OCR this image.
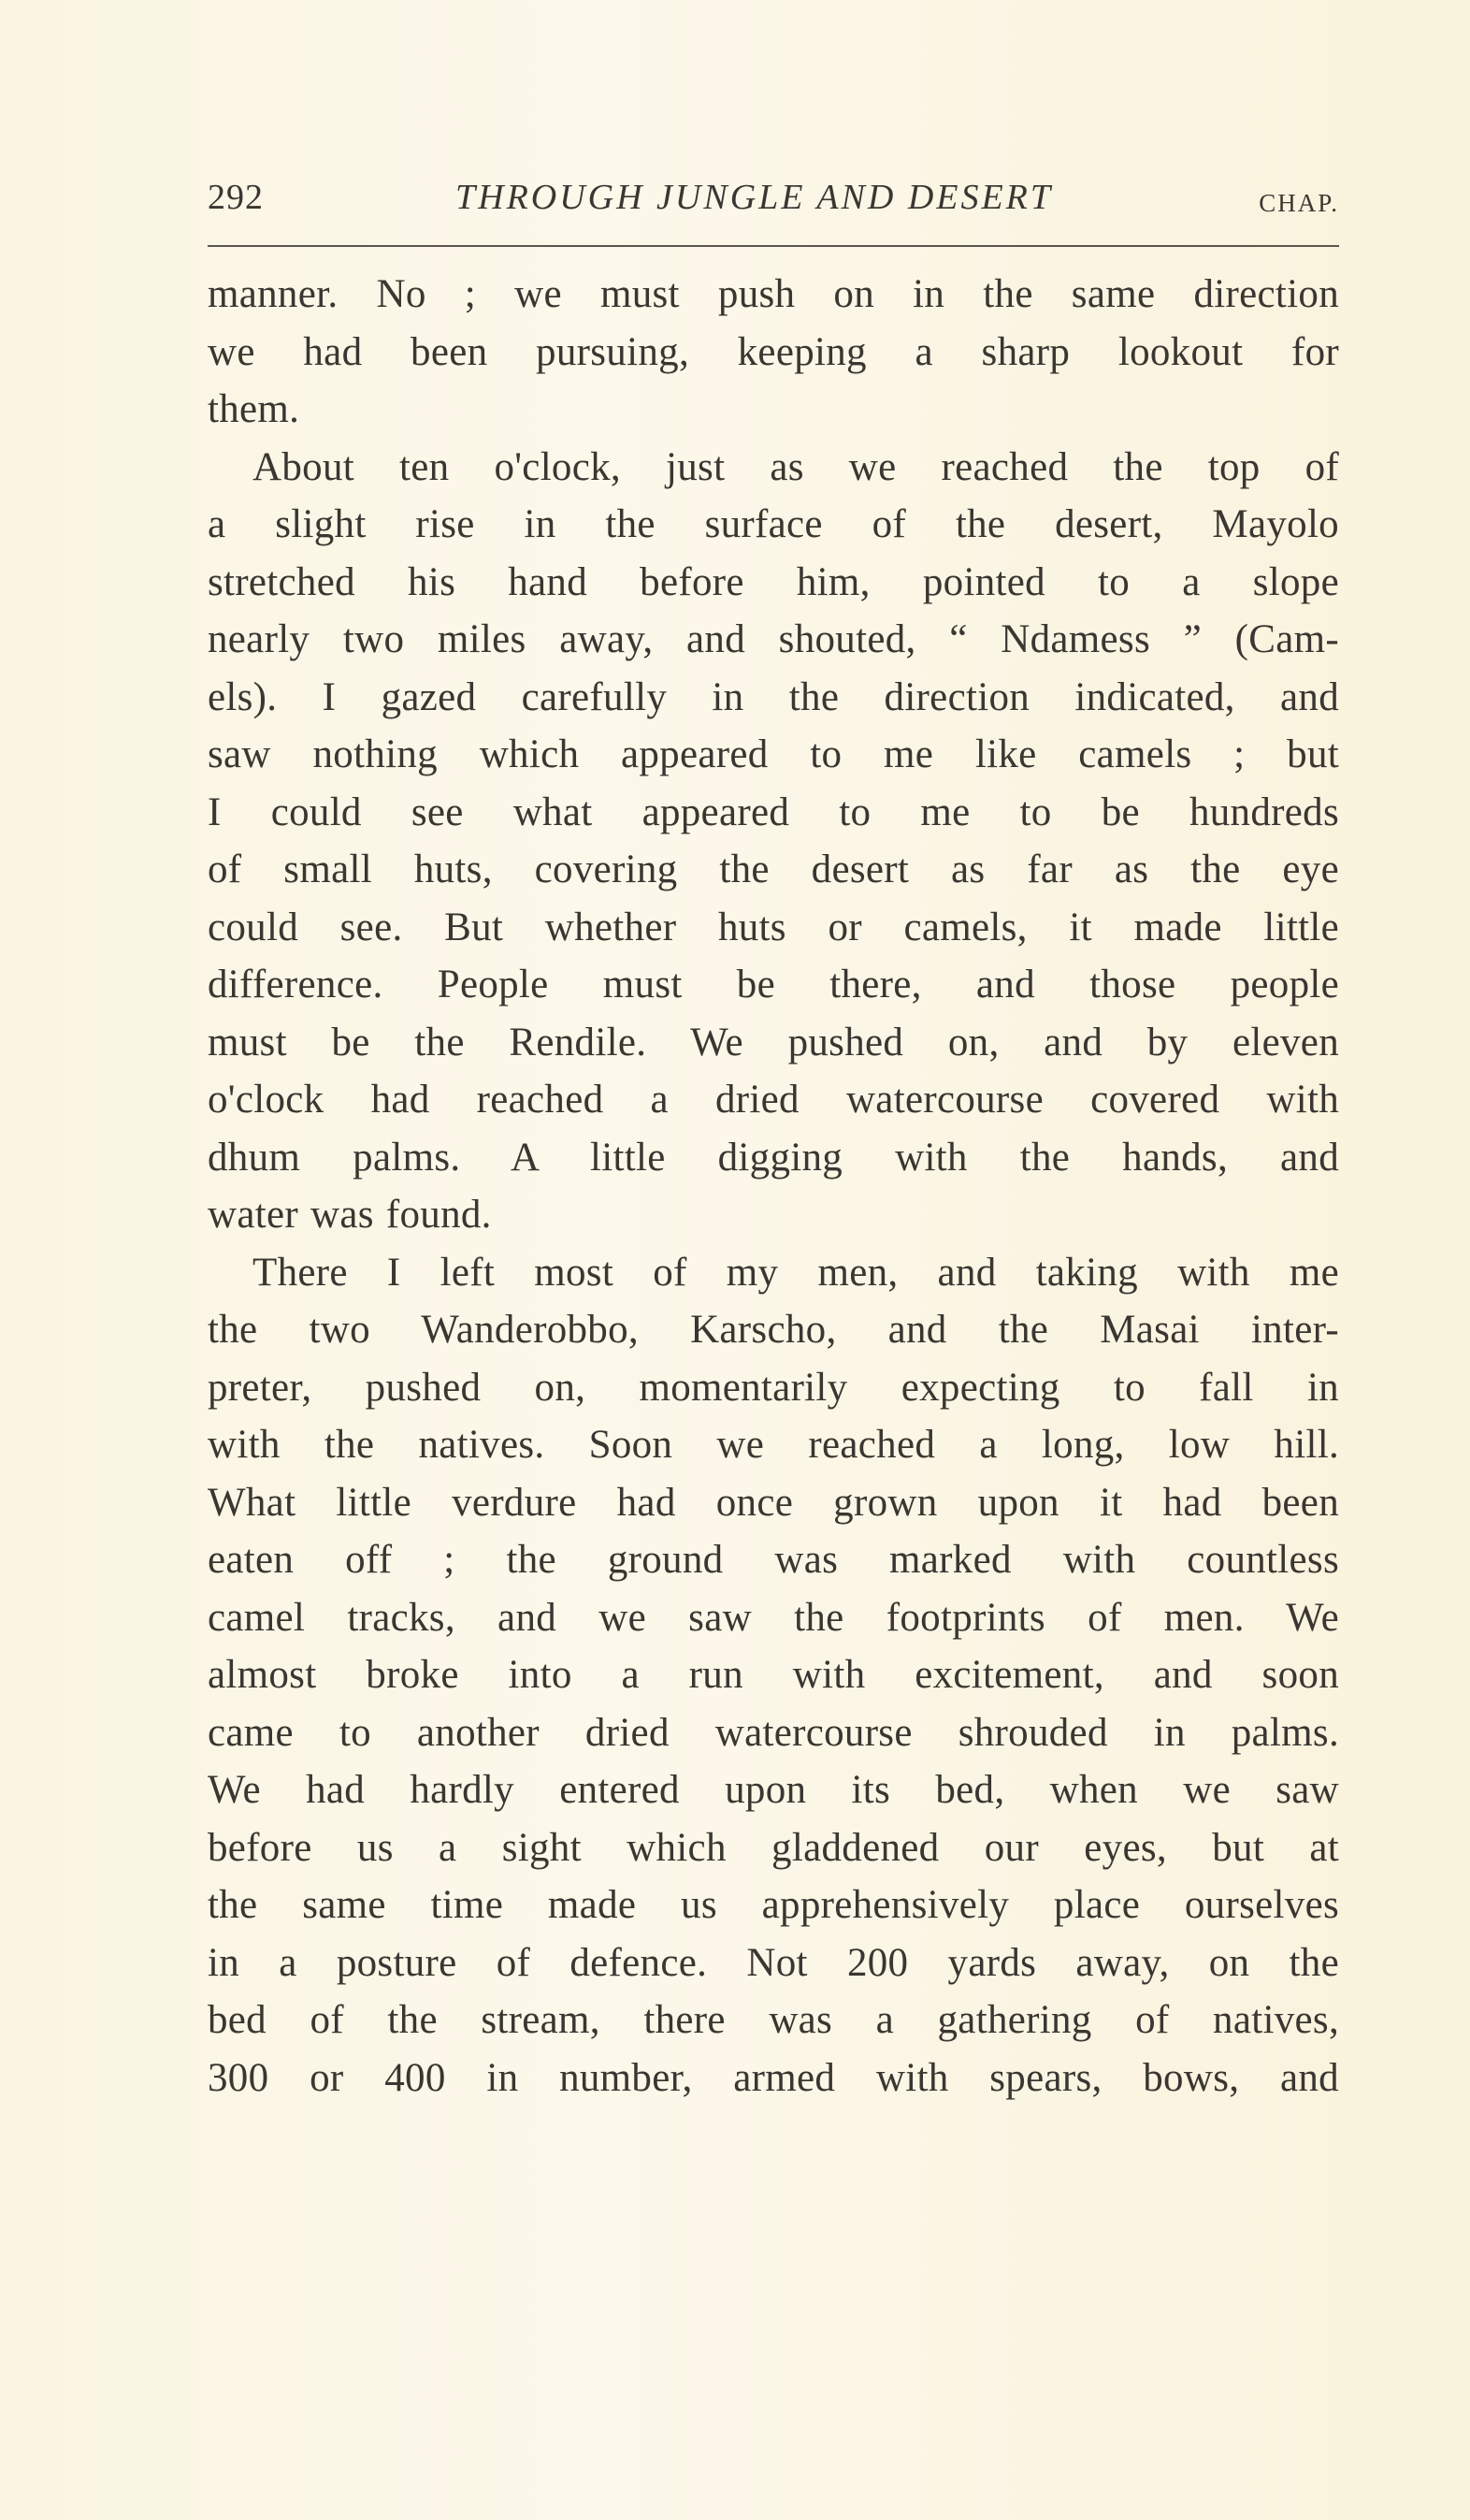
292	THROUGH JUNGLE AND DESERT	CHAP.
manner. No ; we must push on in the same direction
we had been pursuing, keeping a sharp lookout for
them.
About ten o'clock, just as we reached the top of
a slight rise in the surface of the desert, Mayolo
stretched his hand before him, pointed to a slope
nearly two miles away, and shouted, “ Ndamess ” (Cam-
els). I gazed carefully in the direction indicated, and
saw nothing which appeared to me like camels ; but
I could see what appeared to me to be hundreds
of small huts, covering the desert as far as the eye
could see. But whether huts or camels, it made little
difference. People must be there, and those people
must be the Rendile. We pushed on, and by eleven
o'clock had reached a dried watercourse covered with
dhum palms. A little digging with the hands, and
water was found.
There I left most of my men, and taking with me
the two Wanderobbo, Karscho, and the Masai inter-
preter, pushed on, momentarily expecting to fall in
with the natives. Soon we reached a long, low hill.
What little verdure had once grown upon it had been
eaten off ; the ground was marked with countless
camel tracks, and we saw the footprints of men. We
almost broke into a run with excitement, and soon
came to another dried watercourse shrouded in palms.
We had hardly entered upon its bed, when we saw
before us a sight which gladdened our eyes, but at
the same time made us apprehensively place ourselves
in a posture of defence. Not 200 yards away, on the
bed of the stream, there was a gathering of natives,
300 or 400 in number, armed with spears, bows, and
